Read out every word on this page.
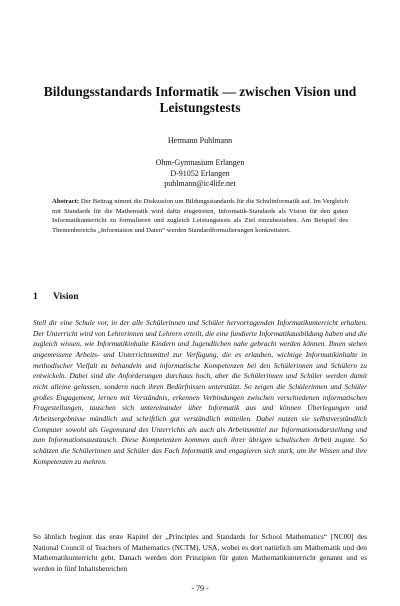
Bildungsstandards Informatik — zwischen Vision und Leistungstests
Hermann Puhlmann
Ohm-Gymnasium Erlangen
D-91052 Erlangen
puhlmann@ic4life.net
Abstract: Der Beitrag nimmt die Diskussion um Bildungsstandards für die Schulinformatik auf. Im Vergleich mit Standards für die Mathematik wird dafür eingetreten, Informatik-Standards als Vision für den guten Informatikunterricht zu formulieren und zugleich Leistungstests als Ziel einzubeziehen. Am Beispiel des Themenbereichs „Information und Daten“ werden Standardformulierungen konkretisiert.
1 Vision
Stell dir eine Schule vor, in der alle Schülerinnen und Schüler hervorragenden Informatikunterricht erhalten. Der Unterricht wird von Lehrerinnen und Lehrern erteilt, die eine fundierte Informatikausbildung haben und die zugleich wissen, wie Informatikinhalte Kindern und Jugendlichen nahe gebracht werden können. Ihnen stehen angemessene Arbeits- und Unterrichtsmittel zur Verfügung, die es erlauben, wichtige Informatikinhalte in methodischer Vielfalt zu behandeln und informatische Kompetenzen bei den Schülerinnen und Schülern zu entwickeln. Dabei sind die Anforderungen durchaus hoch, aber die Schülerinnen und Schüler werden damit nicht alleine gelassen, sondern nach ihren Bedürfnissen unterstützt. So zeigen die Schülerinnen und Schüler großes Engagement, lernen mit Verständnis, erkennen Verbindungen zwischen verschiedenen informatischen Fragestellungen, tauschen sich untereinander über Informatik aus und können Überlegungen und Arbeitsergebnisse mündlich und schriftlich gut verständlich mitteilen. Dabei nutzen sie selbstverständlich Computer sowohl als Gegenstand des Unterrichts als auch als Arbeitsmittel zur Informationsdarstellung und zum Informationsaustausch. Diese Kompetenzen kommen auch ihrer übrigen schulischen Arbeit zugute. So schätzen die Schülerinnen und Schüler das Fach Informatik und engagieren sich stark, um ihr Wissen und ihre Kompetenzen zu mehren.
So ähnlich beginnt das erste Kapitel der „Principles and Standards for School Mathematics“ [NC00] des National Council of Teachers of Mathematics (NCTM), USA, wobei es dort natürlich um Mathematik und den Mathematikunterricht geht. Danach werden dort Prinzipien für guten Mathematikunterricht genannt und es werden in fünf Inhaltsbereichen
- 79 -
